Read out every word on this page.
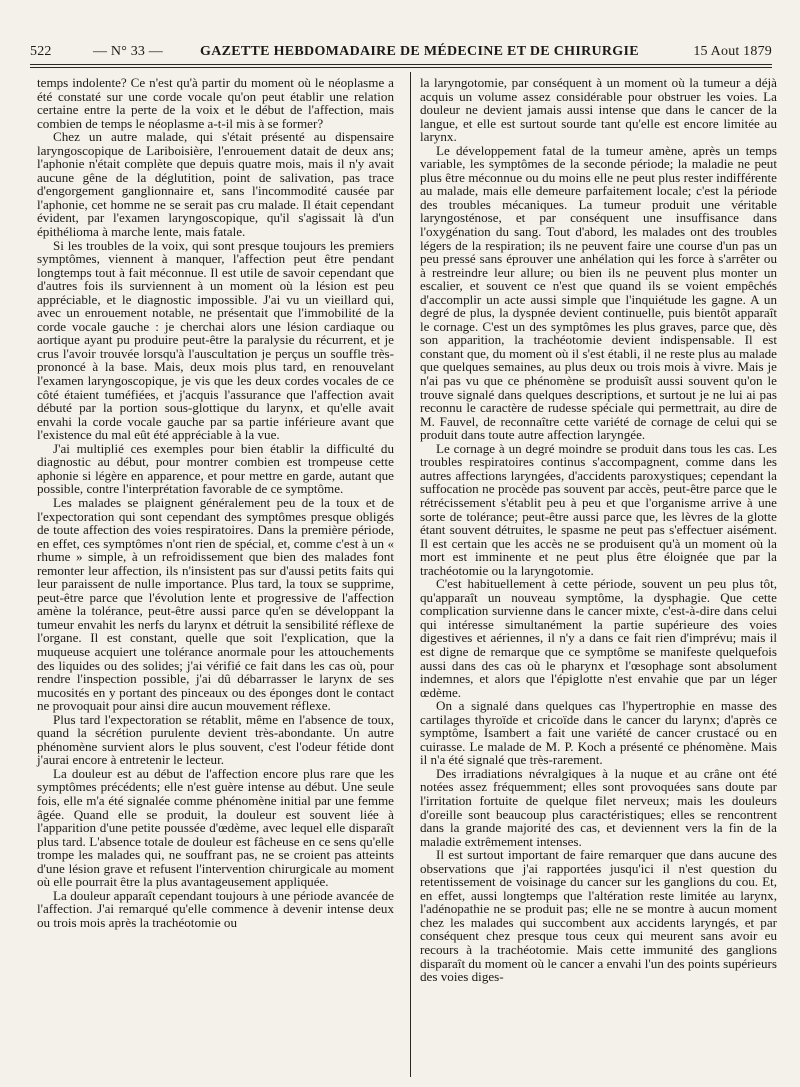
522	— N° 33 —	GAZETTE HEBDOMADAIRE DE MÉDECINE ET DE CHIRURGIE	15 Aout 1879

temps indolente? Ce n'est qu'à partir du moment où le néoplasme a été constaté sur une corde vocale qu'on peut établir une relation certaine entre la perte de la voix et le début de l'affection, mais combien de temps le néoplasme a-t-il mis à se former?

Chez un autre malade, qui s'était présenté au dispensaire laryngoscopique de Lariboisière, l'enrouement datait de deux ans; l'aphonie n'était complète que depuis quatre mois, mais il n'y avait aucune gêne de la déglutition, point de salivation, pas trace d'engorgement ganglionnaire et, sans l'incommodité causée par l'aphonie, cet homme ne se serait pas cru malade. Il était cependant évident, par l'examen laryngoscopique, qu'il s'agissait là d'un épithélioma à marche lente, mais fatale.

Si les troubles de la voix, qui sont presque toujours les premiers symptômes, viennent à manquer, l'affection peut être pendant longtemps tout à fait méconnue. Il est utile de savoir cependant que d'autres fois ils surviennent à un moment où la lésion est peu appréciable, et le diagnostic impossible. J'ai vu un vieillard qui, avec un enrouement notable, ne présentait que l'immobilité de la corde vocale gauche : je cherchai alors une lésion cardiaque ou aortique ayant pu produire peut-être la paralysie du récurrent, et je crus l'avoir trouvée lorsqu'à l'auscultation je perçus un souffle très-prononcé à la base. Mais, deux mois plus tard, en renouvelant l'examen laryngoscopique, je vis que les deux cordes vocales de ce côté étaient tuméfiées, et j'acquis l'assurance que l'affection avait débuté par la portion sous-glottique du larynx, et qu'elle avait envahi la corde vocale gauche par sa partie inférieure avant que l'existence du mal eût été appréciable à la vue.

J'ai multiplié ces exemples pour bien établir la difficulté du diagnostic au début, pour montrer combien est trompeuse cette aphonie si légère en apparence, et pour mettre en garde, autant que possible, contre l'interprétation favorable de ce symptôme.

Les malades se plaignent généralement peu de la toux et de l'expectoration qui sont cependant des symptômes presque obligés de toute affection des voies respiratoires. Dans la première période, en effet, ces symptômes n'ont rien de spécial, et, comme c'est à un « rhume » simple, à un refroidissement que bien des malades font remonter leur affection, ils n'insistent pas sur d'aussi petits faits qui leur paraissent de nulle importance. Plus tard, la toux se supprime, peut-être parce que l'évolution lente et progressive de l'affection amène la tolérance, peut-être aussi parce qu'en se développant la tumeur envahit les nerfs du larynx et détruit la sensibilité réflexe de l'organe. Il est constant, quelle que soit l'explication, que la muqueuse acquiert une tolérance anormale pour les attouchements des liquides ou des solides; j'ai vérifié ce fait dans les cas où, pour rendre l'inspection possible, j'ai dû débarrasser le larynx de ses mucosités en y portant des pinceaux ou des éponges dont le contact ne provoquait pour ainsi dire aucun mouvement réflexe.

Plus tard l'expectoration se rétablit, même en l'absence de toux, quand la sécrétion purulente devient très-abondante. Un autre phénomène survient alors le plus souvent, c'est l'odeur fétide dont j'aurai encore à entretenir le lecteur.

La douleur est au début de l'affection encore plus rare que les symptômes précédents; elle n'est guère intense au début. Une seule fois, elle m'a été signalée comme phénomène initial par une femme âgée. Quand elle se produit, la douleur est souvent liée à l'apparition d'une petite poussée d'œdème, avec lequel elle disparaît plus tard. L'absence totale de douleur est fâcheuse en ce sens qu'elle trompe les malades qui, ne souffrant pas, ne se croient pas atteints d'une lésion grave et refusent l'intervention chirurgicale au moment où elle pourrait être la plus avantageusement appliquée.

La douleur apparaît cependant toujours à une période avancée de l'affection. J'ai remarqué qu'elle commence à devenir intense deux ou trois mois après la trachéotomie ou

la laryngotomie, par conséquent à un moment où la tumeur a déjà acquis un volume assez considérable pour obstruer les voies. La douleur ne devient jamais aussi intense que dans le cancer de la langue, et elle est surtout sourde tant qu'elle est encore limitée au larynx.

Le développement fatal de la tumeur amène, après un temps variable, les symptômes de la seconde période; la maladie ne peut plus être méconnue ou du moins elle ne peut plus rester indifférente au malade, mais elle demeure parfaitement locale; c'est la période des troubles mécaniques. La tumeur produit une véritable laryngosténose, et par conséquent une insuffisance dans l'oxygénation du sang. Tout d'abord, les malades ont des troubles légers de la respiration; ils ne peuvent faire une course d'un pas un peu pressé sans éprouver une anhélation qui les force à s'arrêter ou à restreindre leur allure; ou bien ils ne peuvent plus monter un escalier, et souvent ce n'est que quand ils se voient empêchés d'accomplir un acte aussi simple que l'inquiétude les gagne. A un degré de plus, la dyspnée devient continuelle, puis bientôt apparaît le cornage. C'est un des symptômes les plus graves, parce que, dès son apparition, la trachéotomie devient indispensable. Il est constant que, du moment où il s'est établi, il ne reste plus au malade que quelques semaines, au plus deux ou trois mois à vivre. Mais je n'ai pas vu que ce phénomène se produisît aussi souvent qu'on le trouve signalé dans quelques descriptions, et surtout je ne lui ai pas reconnu le caractère de rudesse spéciale qui permettrait, au dire de M. Fauvel, de reconnaître cette variété de cornage de celui qui se produit dans toute autre affection laryngée.

Le cornage à un degré moindre se produit dans tous les cas. Les troubles respiratoires continus s'accompagnent, comme dans les autres affections laryngées, d'accidents paroxystiques; cependant la suffocation ne procède pas souvent par accès, peut-être parce que le rétrécissement s'établit peu à peu et que l'organisme arrive à une sorte de tolérance; peut-être aussi parce que, les lèvres de la glotte étant souvent détruites, le spasme ne peut pas s'effectuer aisément. Il est certain que les accès ne se produisent qu'à un moment où la mort est imminente et ne peut plus être éloignée que par la trachéotomie ou la laryngotomie.

C'est habituellement à cette période, souvent un peu plus tôt, qu'apparaît un nouveau symptôme, la dysphagie. Que cette complication survienne dans le cancer mixte, c'est-à-dire dans celui qui intéresse simultanément la partie supérieure des voies digestives et aériennes, il n'y a dans ce fait rien d'imprévu; mais il est digne de remarque que ce symptôme se manifeste quelquefois aussi dans des cas où le pharynx et l'œsophage sont absolument indemnes, et alors que l'épiglotte n'est envahie que par un léger œdème.

On a signalé dans quelques cas l'hypertrophie en masse des cartilages thyroïde et cricoïde dans le cancer du larynx; d'après ce symptôme, Isambert a fait une variété de cancer crustacé ou en cuirasse. Le malade de M. P. Koch a présenté ce phénomène. Mais il n'a été signalé que très-rarement.

Des irradiations névralgiques à la nuque et au crâne ont été notées assez fréquemment; elles sont provoquées sans doute par l'irritation fortuite de quelque filet nerveux; mais les douleurs d'oreille sont beaucoup plus caractéristiques; elles se rencontrent dans la grande majorité des cas, et deviennent vers la fin de la maladie extrêmement intenses.

Il est surtout important de faire remarquer que dans aucune des observations que j'ai rapportées jusqu'ici il n'est question du retentissement de voisinage du cancer sur les ganglions du cou. Et, en effet, aussi longtemps que l'altération reste limitée au larynx, l'adénopathie ne se produit pas; elle ne se montre à aucun moment chez les malades qui succombent aux accidents laryngés, et par conséquent chez presque tous ceux qui meurent sans avoir eu recours à la trachéotomie. Mais cette immunité des ganglions disparaît du moment où le cancer a envahi l'un des points supérieurs des voies diges-
